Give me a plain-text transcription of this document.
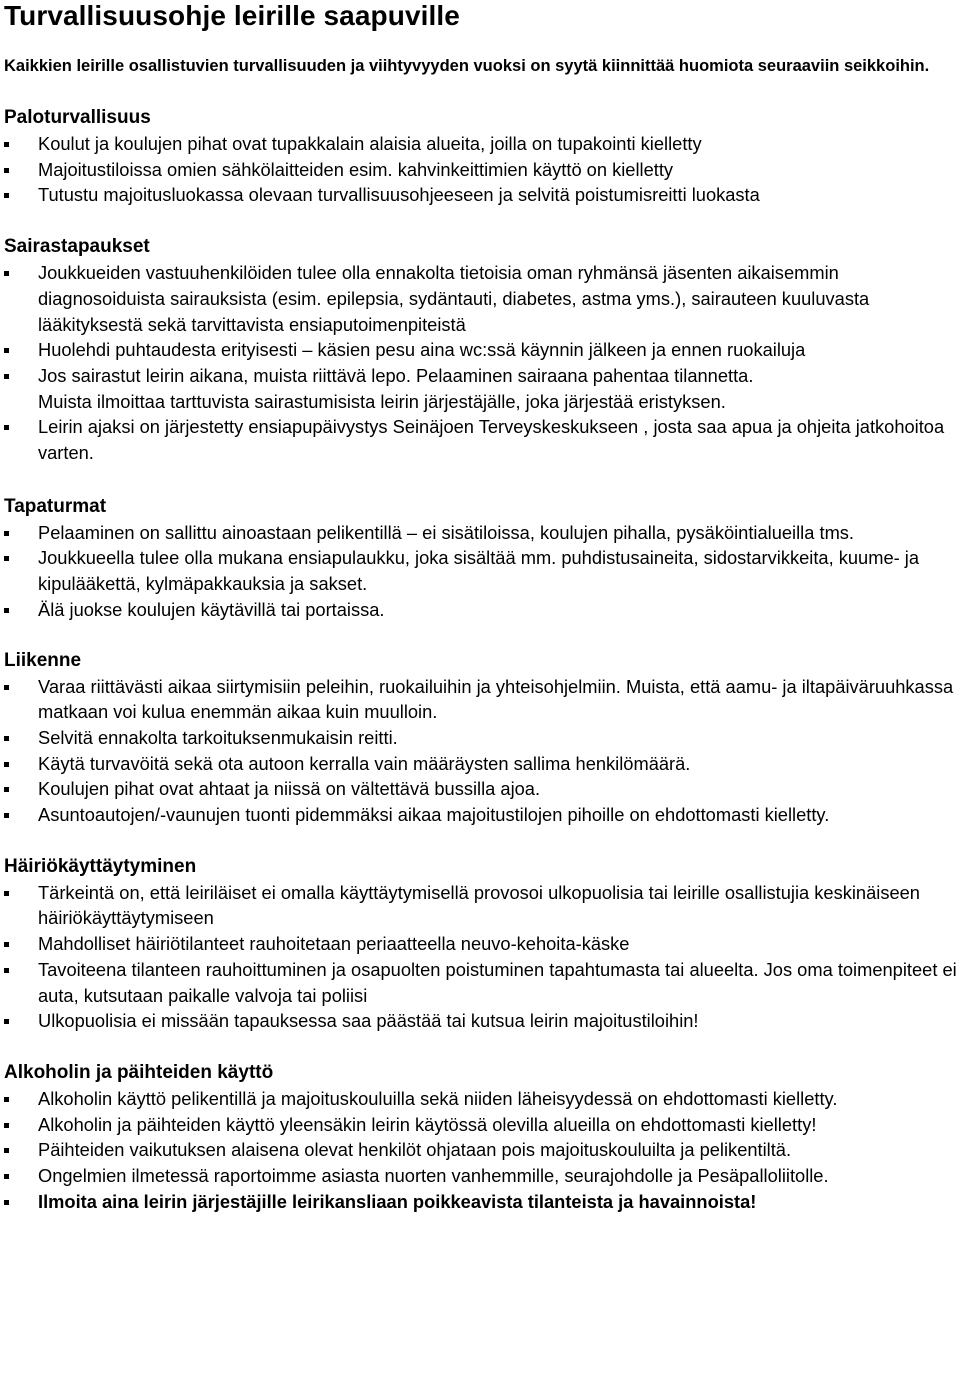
Turvallisuusohje leirille saapuville

Kaikkien leirille osallistuvien turvallisuuden ja viihtyvyyden vuoksi on syytä kiinnittää huomiota seuraaviin seikkoihin.

Paloturvallisuus
Koulut ja koulujen pihat ovat tupakkalain alaisia alueita, joilla on tupakointi kielletty
Majoitustiloissa omien sähkölaitteiden esim. kahvinkeittimien käyttö on kielletty
Tutustu majoitusluokassa olevaan turvallisuusohjeeseen ja selvitä poistumisreitti luokasta
Sairastapaukset
Joukkueiden vastuuhenkilöiden tulee olla ennakolta tietoisia oman ryhmänsä jäsenten aikaisemmin diagnosoiduista sairauksista (esim. epilepsia, sydäntauti, diabetes, astma yms.), sairauteen kuuluvasta lääkityksestä sekä tarvittavista ensiaputoimenpiteistä
Huolehdi puhtaudesta erityisesti – käsien pesu aina wc:ssä käynnin jälkeen ja ennen ruokailuja
Jos sairastut leirin aikana, muista riittävä lepo. Pelaaminen sairaana pahentaa tilannetta.
Muista ilmoittaa tarttuvista sairastumisista leirin järjestäjälle, joka järjestää eristyksen.
Leirin ajaksi on järjestetty ensiapupäivystys Seinäjoen Terveyskeskukseen , josta saa apua ja ohjeita jatkohoitoa varten.
Tapaturmat
Pelaaminen on sallittu ainoastaan pelikentillä – ei sisätiloissa, koulujen pihalla, pysäköintialueilla tms.
Joukkueella tulee olla mukana ensiapulaukku, joka sisältää mm. puhdistusaineita, sidostarvikkeita, kuume- ja kipulääkettä, kylmäpakkauksia ja sakset.
Älä juokse koulujen käytävillä tai portaissa.
Liikenne
Varaa riittävästi aikaa siirtymisiin peleihin, ruokailuihin ja yhteisohjelmiin. Muista, että aamu- ja iltapäiväruuhkassa matkaan voi kulua enemmän aikaa kuin muulloin.
Selvitä ennakolta tarkoituksenmukaisin reitti.
Käytä turvavöitä sekä ota autoon kerralla vain määräysten sallima henkilömäärä.
Koulujen pihat ovat ahtaat ja niissä on vältettävä bussilla ajoa.
Asuntoautojen/-vaunujen tuonti pidemmäksi aikaa majoitustilojen pihoille on ehdottomasti kielletty.
Häiriökäyttäytyminen
Tärkeintä on, että leiriläiset ei omalla käyttäytymisellä provosoi ulkopuolisia tai leirille osallistujia keskinäiseen häiriökäyttäytymiseen
Mahdolliset häiriötilanteet rauhoitetaan periaatteella neuvo-kehoita-käske
Tavoiteena tilanteen rauhoittuminen ja osapuolten poistuminen tapahtumasta tai alueelta. Jos oma toimenpiteet ei auta, kutsutaan paikalle valvoja tai poliisi
Ulkopuolisia ei missään tapauksessa saa päästää tai kutsua leirin majoitustiloihin!
Alkoholin ja päihteiden käyttö
Alkoholin käyttö pelikentillä ja majoituskouluilla sekä niiden läheisyydessä on ehdottomasti kielletty.
Alkoholin ja päihteiden käyttö yleensäkin leirin käytössä olevilla alueilla on ehdottomasti kielletty!
Päihteiden vaikutuksen alaisena olevat henkilöt ohjataan pois majoituskouluilta ja pelikentiltä.
Ongelmien ilmetessä raportoimme asiasta nuorten vanhemmille, seurajohdolle ja Pesäpalloliitolle.
Ilmoita aina leirin järjestäjille leirikansliaan poikkeavista tilanteista ja havainnoista!
